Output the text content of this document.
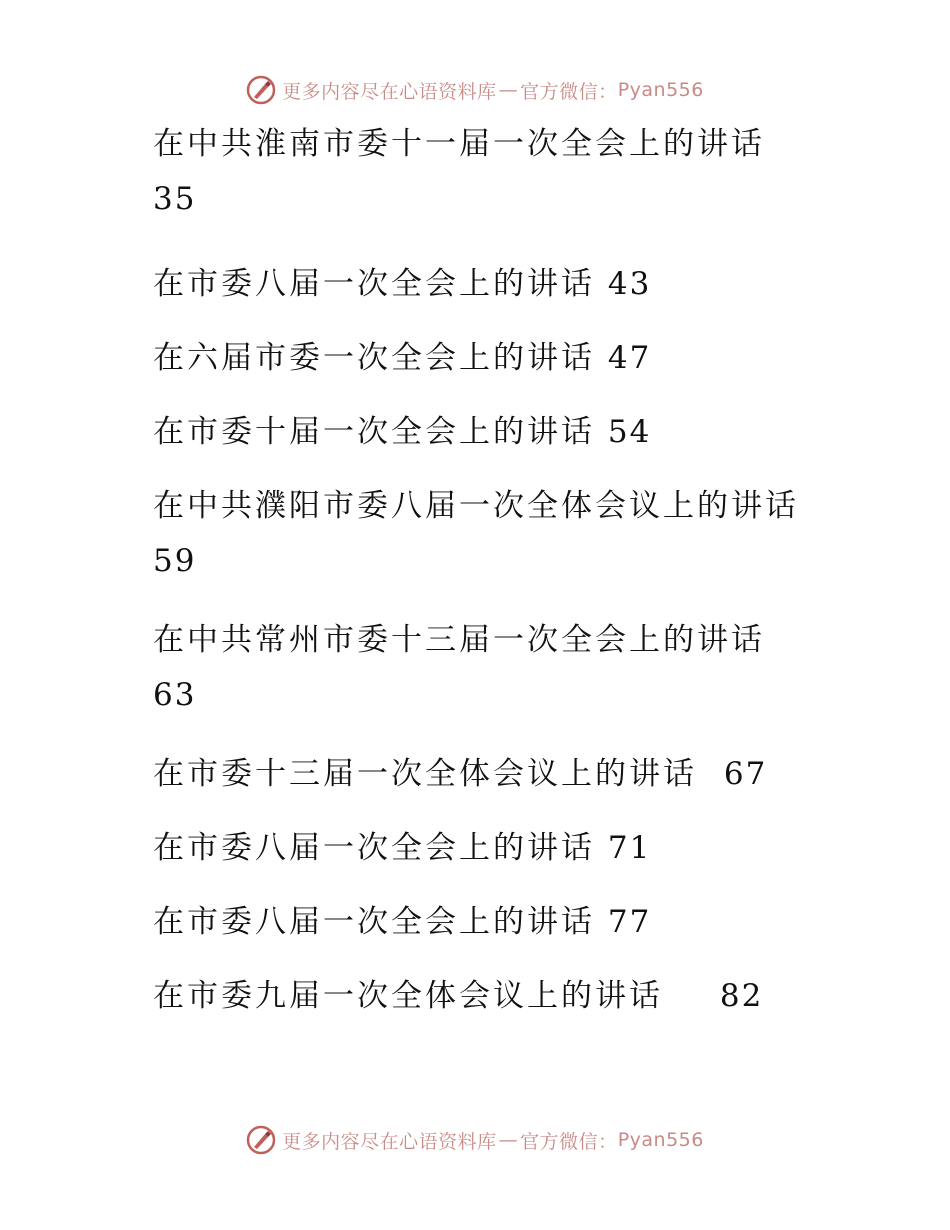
更多内容尽在心语资料库 — 官方微信： Pyan556
在中共淮南市委十一届一次全会上的讲话
35
在市委八届一次全会上的讲话 43
在六届市委一次全会上的讲话 47
在市委十届一次全会上的讲话 54
在中共濮阳市委八届一次全体会议上的讲话
59
在中共常州市委十三届一次全会上的讲话
63
在市委十三届一次全体会议上的讲话 67
在市委八届一次全会上的讲话 71
在市委八届一次全会上的讲话 77
在市委九届一次全体会议上的讲话 82
更多内容尽在心语资料库 — 官方微信： Pyan556
